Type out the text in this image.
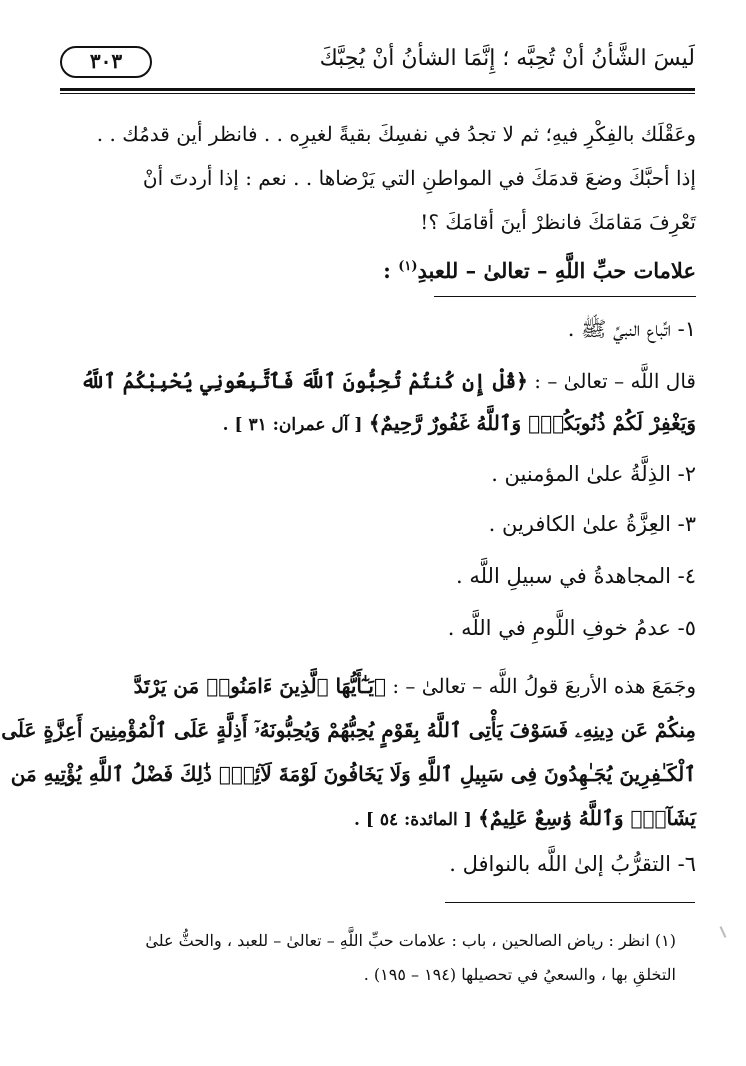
لَيسَ الشَّأنُ أنْ تُحِبَّه ؛ إِنَّمَا الشأنُ أنْ يُحِبَّكَ
٣٠٣
وعَقْلَك بالفِكْرِ فيهِ؛ ثم لا تجدُ في نفسِكَ بقيةً لغيرِه . . فانظر أين قدمُك . .
إذا أحبَّكَ وضعَ قدمَكَ في المواطنِ التي يَرْضاها . . نعم : إذا أردتَ أنْ
تَعْرِفَ مَقامَكَ فانظرْ أينَ أقامَكَ ؟!
علامات حبِّ اللَّهِ – تعالىٰ – للعبدِ$^{(١)}$ :
١- اتِّباع النبيِّ ﷺ .
قال اللَّه – تعالىٰ – : ﴿قُلْ إِن كُنتُمْ تُحِبُّونَ ٱللَّهَ فَٱتَّبِعُونِي يُحْبِبْكُمُ ٱللَّهُ
وَيَغْفِرْ لَكُمْ ذُنُوبَكُمْۗ وَٱللَّهُ غَفُورٌ رَّحِيمٌ﴾ [ آل عمران: ٣١ ] .
٢- الذِلَّةُ علىٰ المؤمنين .
٣- العِزَّةُ علىٰ الكافرين .
٤- المجاهدةُ في سبيلِ اللَّه .
٥- عدمُ خوفِ اللَّومِ في اللَّه .
وجَمَعَ هذه الأربعَ قولُ اللَّه – تعالىٰ – : ﴿يَـٰٓأَيُّهَا ٱلَّذِينَ ءَامَنُوا۟ مَن يَرْتَدَّ
مِنكُمْ عَن دِينِهِۦ فَسَوْفَ يَأْتِى ٱللَّهُ بِقَوْمٍ يُحِبُّهُمْ وَيُحِبُّونَهُۥٓ أَذِلَّةٍ عَلَى ٱلْمُؤْمِنِينَ أَعِزَّةٍ عَلَى
ٱلْكَـٰفِرِينَ يُجَـٰهِدُونَ فِى سَبِيلِ ٱللَّهِ وَلَا يَخَافُونَ لَوْمَةَ لَآئِمٍۚ ذَٰلِكَ فَضْلُ ٱللَّهِ يُؤْتِيهِ مَن
يَشَآءُۚ وَٱللَّهُ وَٰسِعٌ عَلِيمٌ﴾ [ المائدة: ٥٤ ] .
٦- التقرُّبُ إلىٰ اللَّه بالنوافل .
(١) انظر : رياض الصالحين ، باب : علامات حبِّ اللَّهِ – تعالىٰ – للعبد ، والحثُّ علىٰ
التخلقِ بها ، والسعيُ في تحصيلها (١٩٤ – ١٩٥) .
